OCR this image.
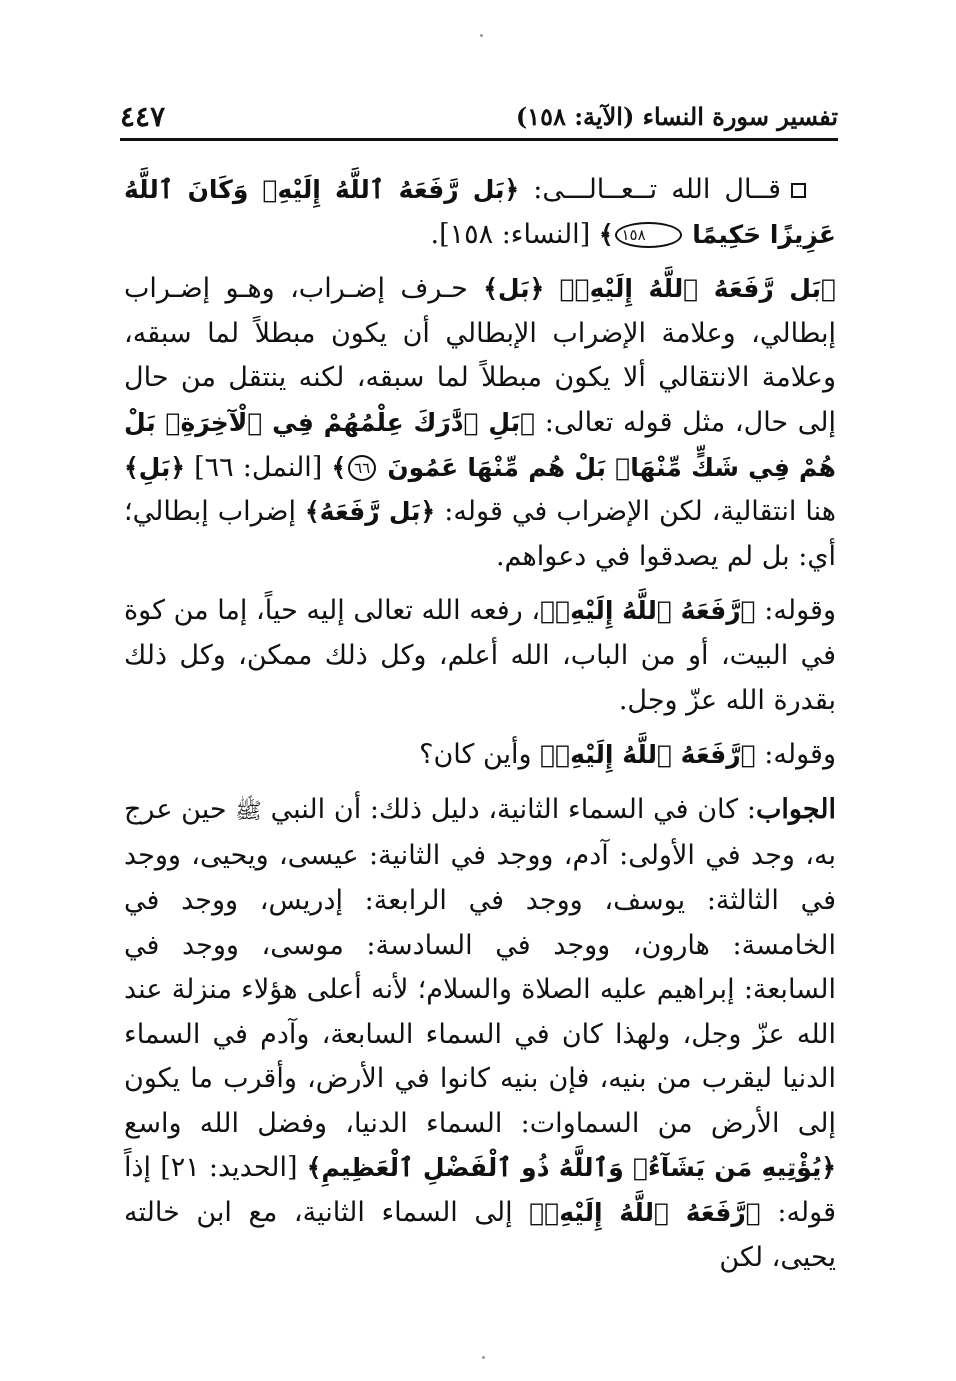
تفسير سورة النساء (الآية: ١٥٨)
٤٤٧

قــال الله تــعــالـــى: ﴿بَل رَّفَعَهُ ٱللَّهُ إِلَيْهِۚ وَكَانَ ٱللَّهُ عَزِيزًا حَكِيمًا ١٥٨﴾ [النساء: ١٥٨].

﴿بَل رَّفَعَهُ ٱللَّهُ إِلَيْهِۚ﴾ ﴿بَل﴾ حـرف إضـراب، وهـو إضـراب إبطالي، وعلامة الإضراب الإبطالي أن يكون مبطلاً لما سبقه، وعلامة الانتقالي ألا يكون مبطلاً لما سبقه، لكنه ينتقل من حال إلى حال، مثل قوله تعالى: ﴿بَلِ ٱدَّٰرَكَ عِلْمُهُمْ فِي ٱلْآخِرَةِۚ بَلْ هُمْ فِي شَكٍّ مِّنْهَاۖ بَلْ هُم مِّنْهَا عَمُونَ ٦٦﴾ [النمل: ٦٦] ﴿بَلِ﴾ هنا انتقالية، لكن الإضراب في قوله: ﴿بَل رَّفَعَهُ﴾ إضراب إبطالي؛ أي: بل لم يصدقوا في دعواهم.

وقوله: ﴿رَّفَعَهُ ٱللَّهُ إِلَيْهِۚ﴾، رفعه الله تعالى إليه حياً، إما من كوة في البيت، أو من الباب، الله أعلم، وكل ذلك ممكن، وكل ذلك بقدرة الله عزّ وجل.

وقوله: ﴿رَّفَعَهُ ٱللَّهُ إِلَيْهِۚ﴾ وأين كان؟

الجواب: كان في السماء الثانية، دليل ذلك: أن النبي ﷺ حين عرج به، وجد في الأولى: آدم، ووجد في الثانية: عيسى، ويحيى، ووجد في الثالثة: يوسف، ووجد في الرابعة: إدريس، ووجد في الخامسة: هارون، ووجد في السادسة: موسى، ووجد في السابعة: إبراهيم عليه الصلاة والسلام؛ لأنه أعلى هؤلاء منزلة عند الله عزّ وجل، ولهذا كان في السماء السابعة، وآدم في السماء الدنيا ليقرب من بنيه، فإن بنيه كانوا في الأرض، وأقرب ما يكون إلى الأرض من السماوات: السماء الدنيا، وفضل الله واسع ﴿يُؤْتِيهِ مَن يَشَآءُۚ وَٱللَّهُ ذُو ٱلْفَضْلِ ٱلْعَظِيمِ﴾ [الحديد: ٢١] إذاً قوله: ﴿رَّفَعَهُ ٱللَّهُ إِلَيْهِۚ﴾ إلى السماء الثانية، مع ابن خالته يحيى، لكن
